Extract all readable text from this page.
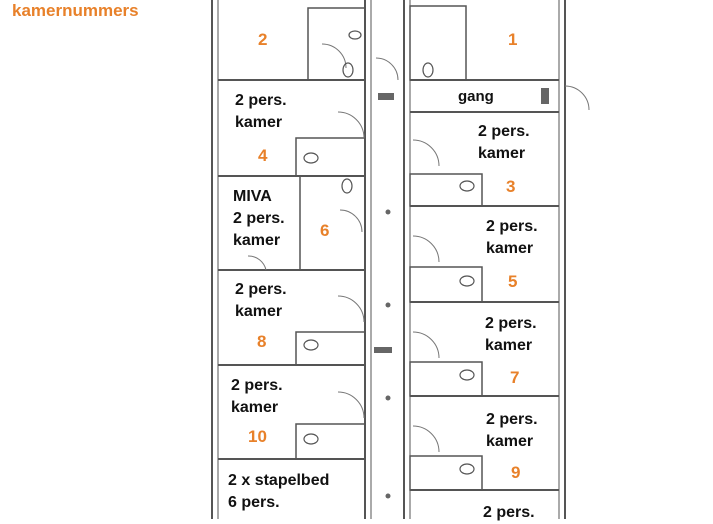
kamernummers
gang
2	1
2 pers.
kamer
4
2 pers.
kamer
3
MIVA
2 pers.
kamer
6	2 pers.
kamer
5
2 pers.
kamer
8
2 pers.
kamer
7
2 pers.
kamer
10
2 pers.
kamer
9
2 x stapelbed
6 pers.
2 pers.
